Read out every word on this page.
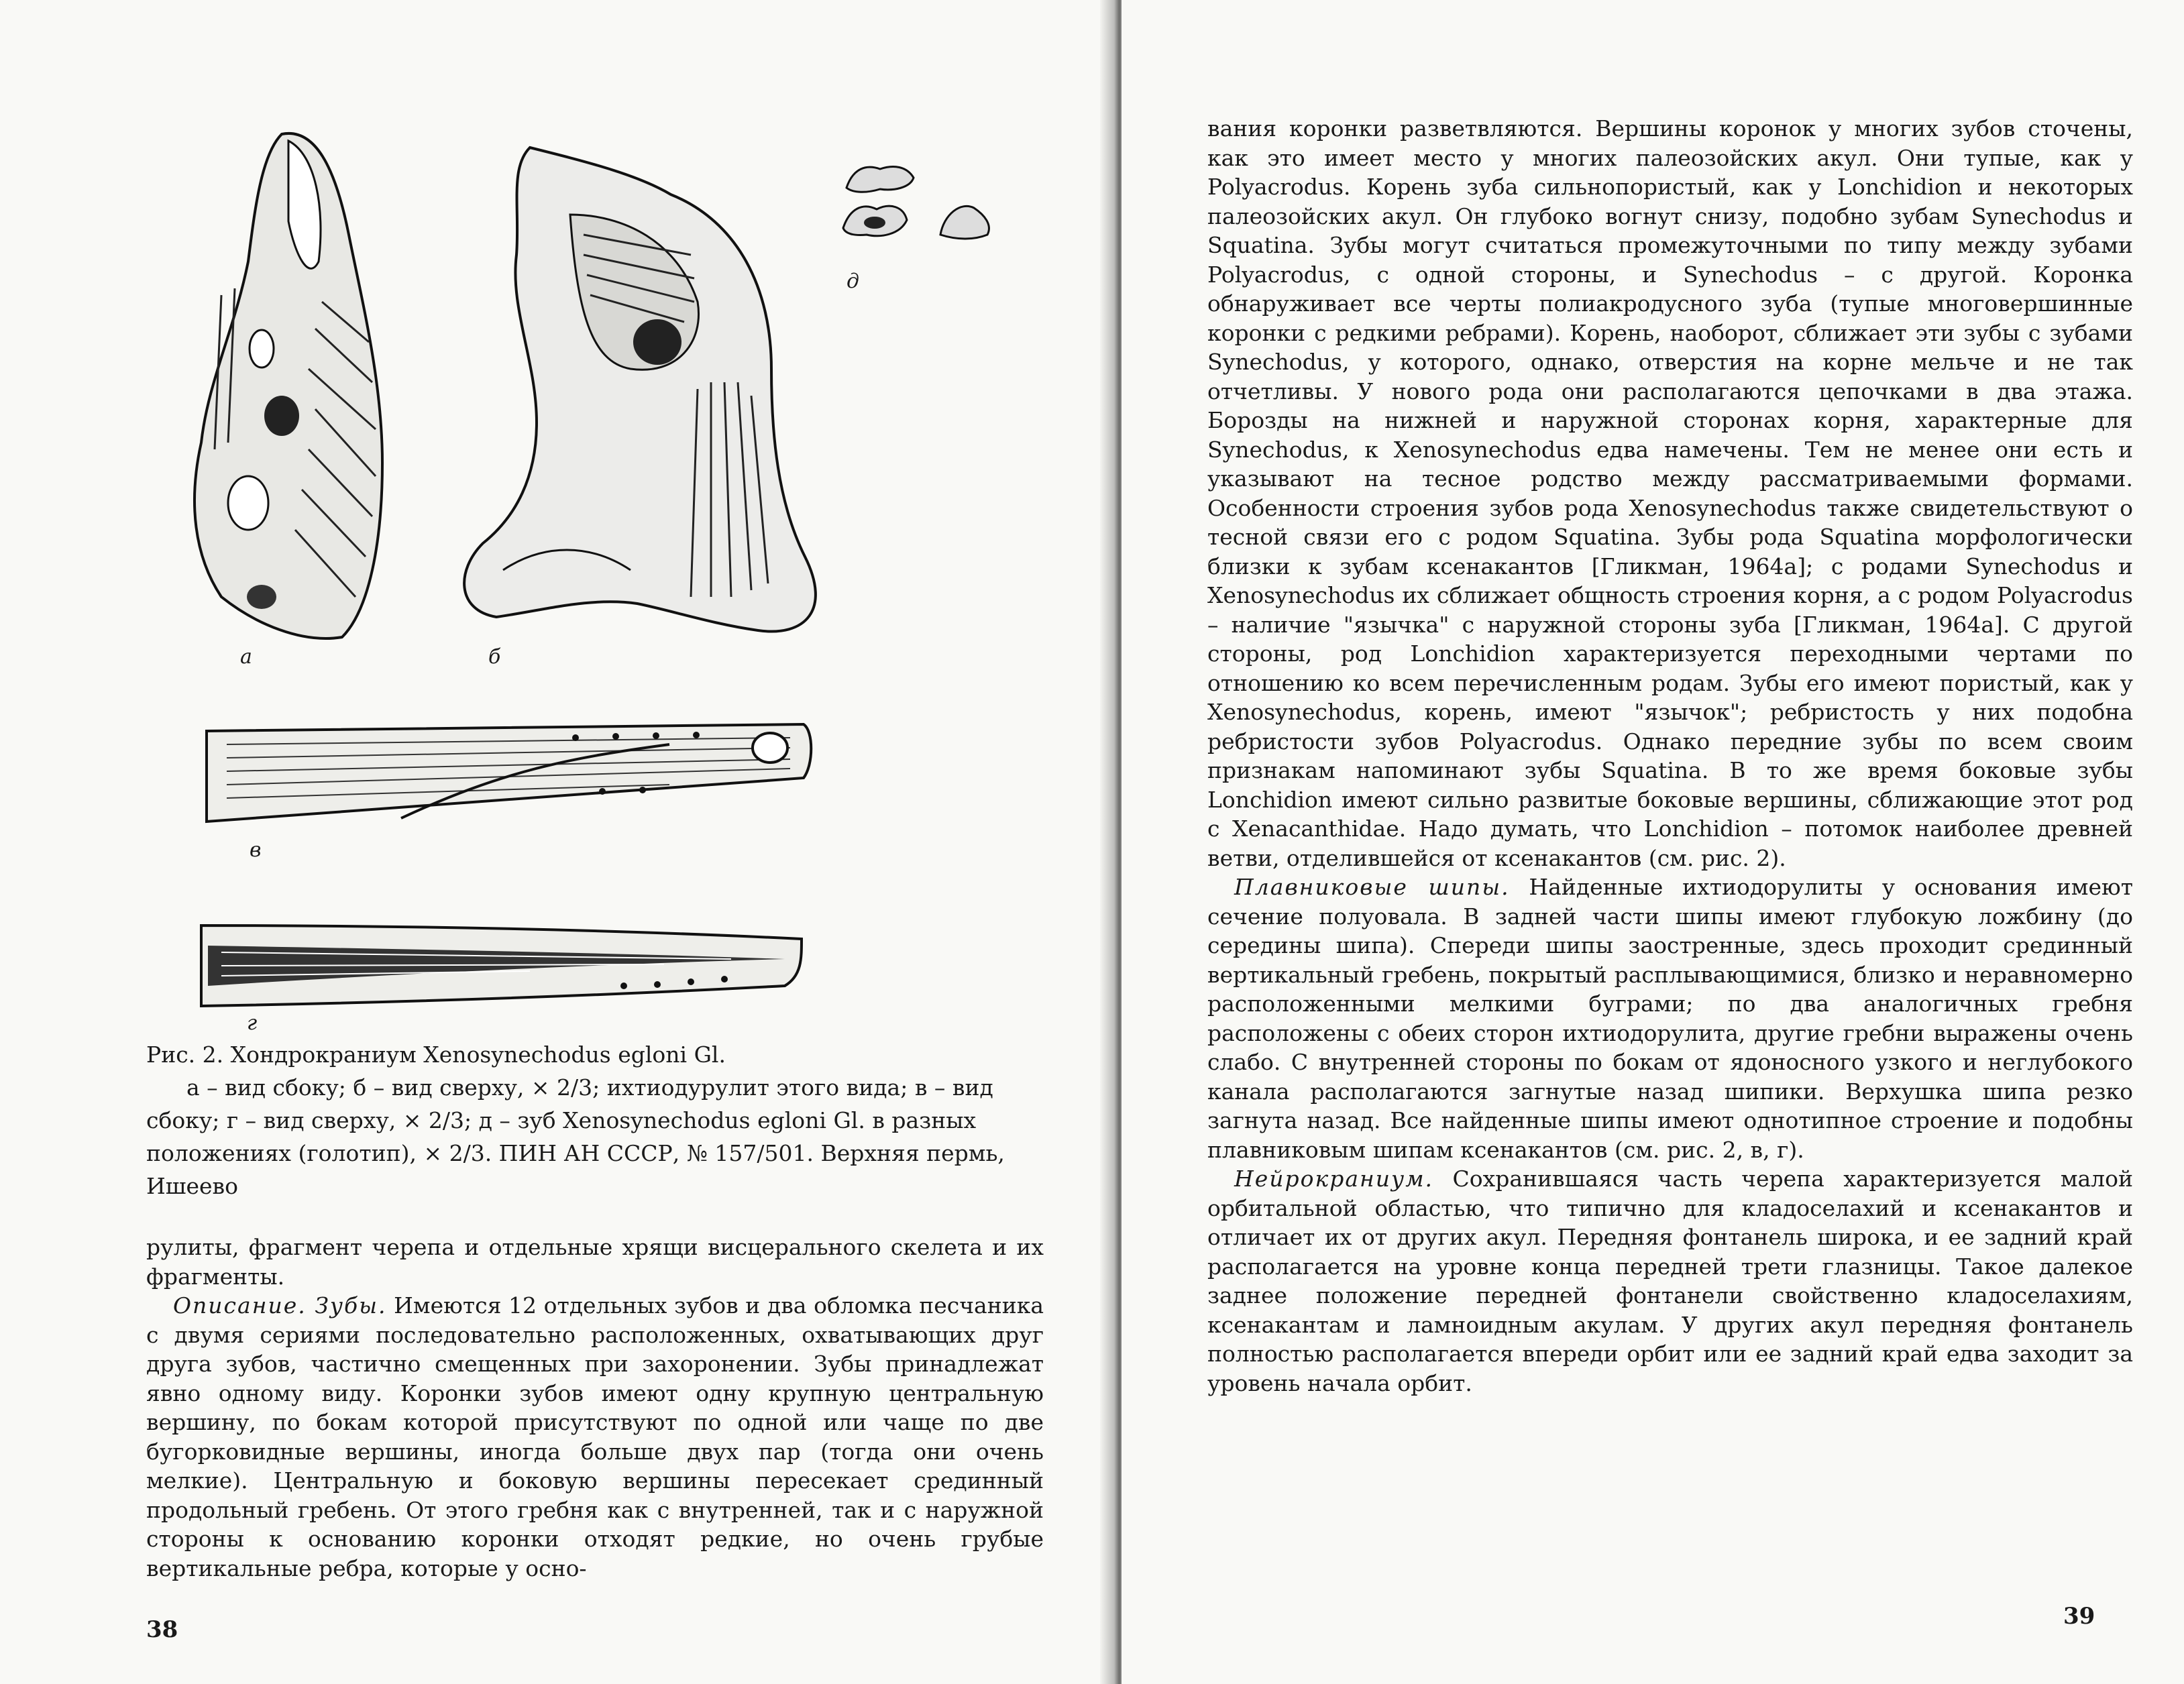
а	б
д
в
г

Рис. 2. Хондрокраниум Xenosynechodus egloni Gl.

а – вид сбоку; б – вид сверху, × 2/3; ихтиодурулит этого вида; в – вид сбоку; г – вид сверху, × 2/3; д – зуб Xenosynechodus egloni Gl. в разных положениях (голотип), × 2/3. ПИН АН СССР, № 157/501. Верхняя пермь, Ишеево

рулиты, фрагмент черепа и отдельные хрящи висцерального скелета и их фрагменты.

Описание. Зубы. Имеются 12 отдельных зубов и два обломка песчаника с двумя сериями последовательно расположенных, охватывающих друг друга зубов, частично смещенных при захоронении. Зубы принадлежат явно одному виду. Коронки зубов имеют одну крупную центральную вершину, по бокам которой присутствуют по одной или чаще по две бугорковидные вершины, иногда больше двух пар (тогда они очень мелкие). Центральную и боковую вершины пересекает срединный продольный гребень. От этого гребня как с внутренней, так и с наружной стороны к основанию коронки отходят редкие, но очень грубые вертикальные ребра, которые у осно-

38

вания коронки разветвляются. Вершины коронок у многих зубов сточены, как это имеет место у многих палеозойских акул. Они тупые, как у Polyacrodus. Корень зуба сильнопористый, как у Lonchidion и некоторых палеозойских акул. Он глубоко вогнут снизу, подобно зубам Synechodus и Squatina. Зубы могут считаться промежуточными по типу между зубами Polyacrodus, с одной стороны, и Synechodus – с другой. Коронка обнаруживает все черты полиакродусного зуба (тупые многовершинные коронки с редкими ребрами). Корень, наоборот, сближает эти зубы с зубами Synechodus, у которого, однако, отверстия на корне мельче и не так отчетливы. У нового рода они располагаются цепочками в два этажа. Борозды на нижней и наружной сторонах корня, характерные для Synechodus, к Xenosynechodus едва намечены. Тем не менее они есть и указывают на тесное родство между рассматриваемыми формами. Особенности строения зубов рода Xenosynechodus также свидетельствуют о тесной связи его с родом Squatina. Зубы рода Squatina морфологически близки к зубам ксенакантов [Гликман, 1964а]; с родами Synechodus и Xenosynechodus их сближает общность строения корня, а с родом Polyacrodus – наличие "язычка" с наружной стороны зуба [Гликман, 1964а]. С другой стороны, род Lonchidion характеризуется переходными чертами по отношению ко всем перечисленным родам. Зубы его имеют пористый, как у Xenosynechodus, корень, имеют "язычок"; ребристость у них подобна ребристости зубов Polyacrodus. Однако передние зубы по всем своим признакам напоминают зубы Squatina. В то же время боковые зубы Lonchidion имеют сильно развитые боковые вершины, сближающие этот род с Xenacanthidae. Надо думать, что Lonchidion – потомок наиболее древней ветви, отделившейся от ксенакантов (см. рис. 2).

Плавниковые шипы. Найденные ихтиодорулиты у основания имеют сечение полуовала. В задней части шипы имеют глубокую ложбину (до середины шипа). Спереди шипы заостренные, здесь проходит срединный вертикальный гребень, покрытый расплывающимися, близко и неравномерно расположенными мелкими буграми; по два аналогичных гребня расположены с обеих сторон ихтиодорулита, другие гребни выражены очень слабо. С внутренней стороны по бокам от ядоносного узкого и неглубокого канала располагаются загнутые назад шипики. Верхушка шипа резко загнута назад. Все найденные шипы имеют однотипное строение и подобны плавниковым шипам ксенакантов (см. рис. 2, в, г).

Нейрокраниум. Сохранившаяся часть черепа характеризуется малой орбитальной областью, что типично для кладоселахий и ксенакантов и отличает их от других акул. Передняя фонтанель широка, и ее задний край располагается на уровне конца передней трети глазницы. Такое далекое заднее положение передней фонтанели свойственно кладоселахиям, ксенакантам и ламноидным акулам. У других акул передняя фонтанель полностью располагается впереди орбит или ее задний край едва заходит за уровень начала орбит.

39
